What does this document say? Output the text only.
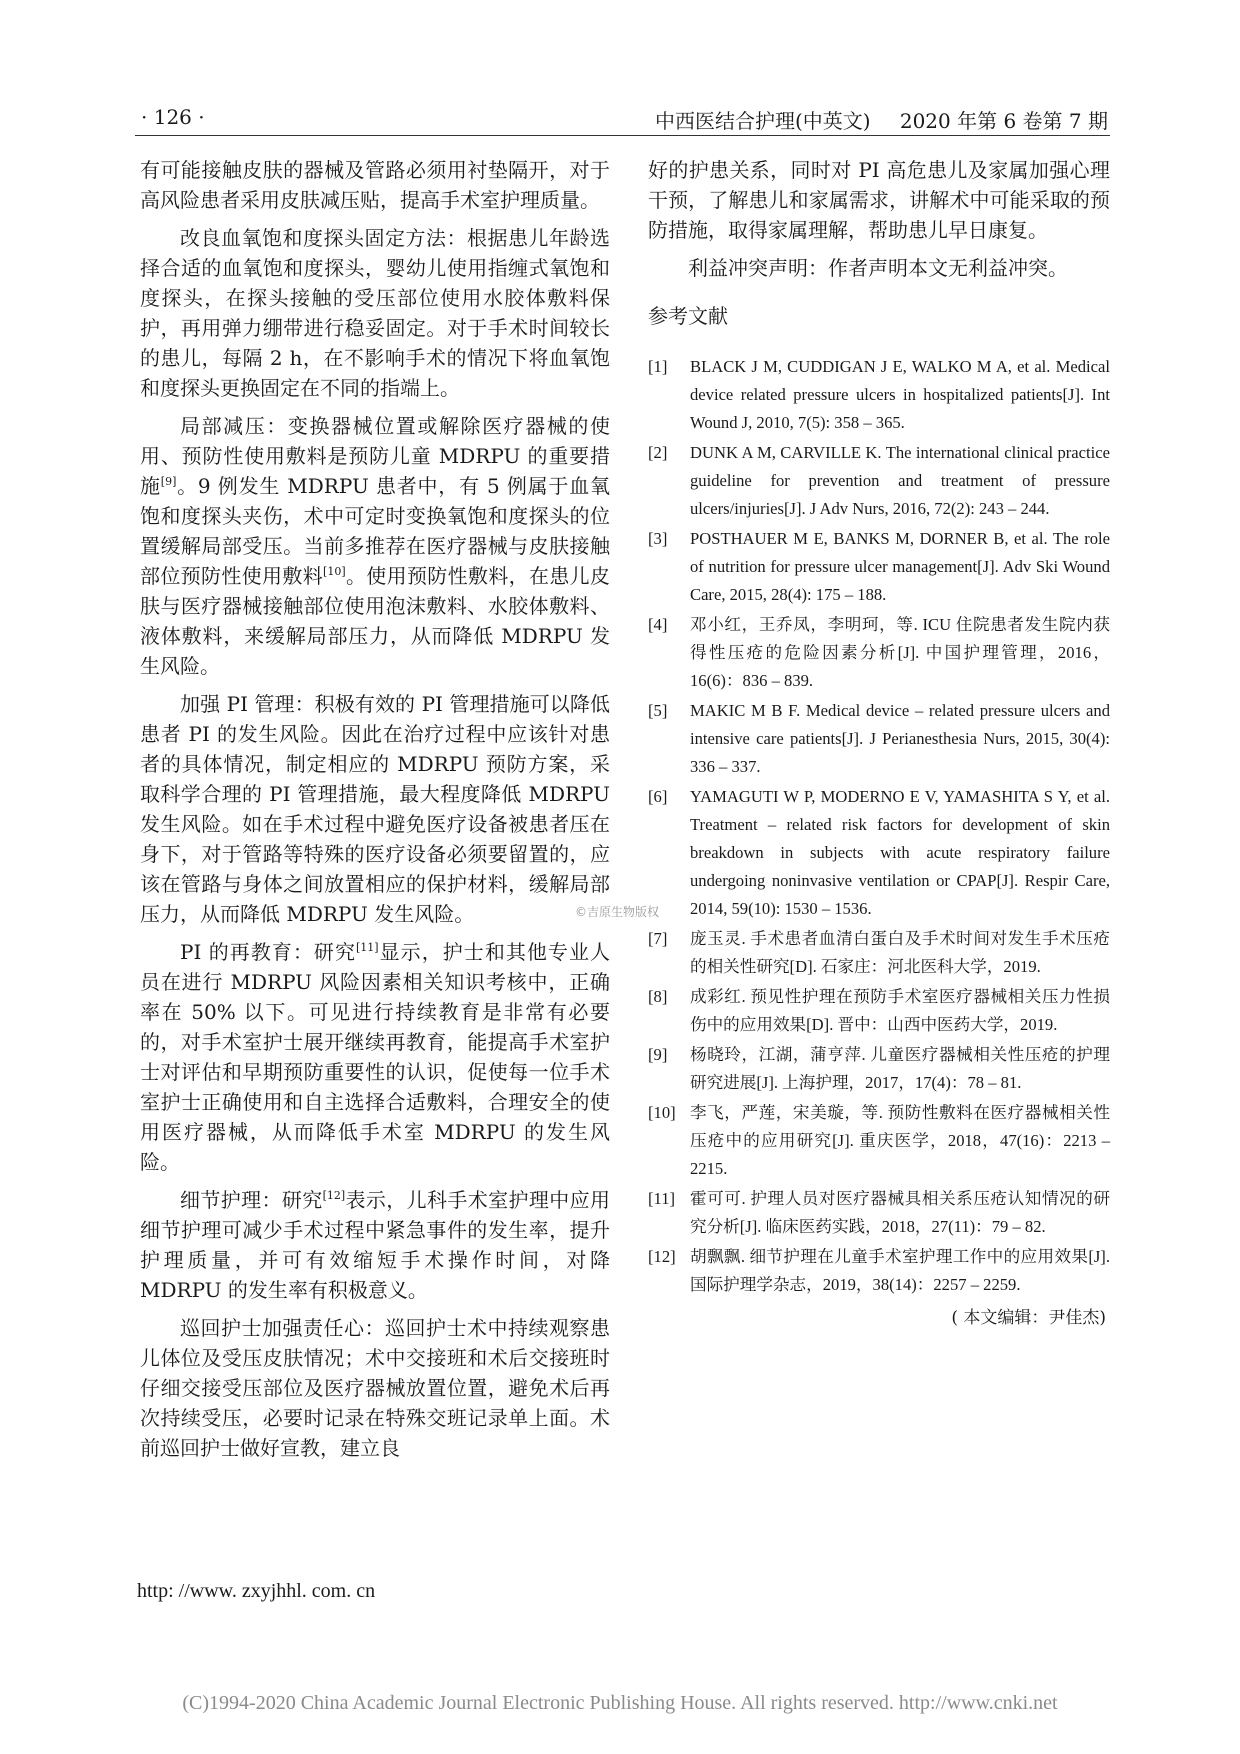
· 126 ·	中西医结合护理(中英文) 2020 年第 6 卷第 7 期

有可能接触皮肤的器械及管路必须用衬垫隔开，对于高风险患者采用皮肤减压贴，提高手术室护理质量。

改良血氧饱和度探头固定方法：根据患儿年龄选择合适的血氧饱和度探头，婴幼儿使用指缠式氧饱和度探头，在探头接触的受压部位使用水胶体敷料保护，再用弹力绷带进行稳妥固定。对于手术时间较长的患儿，每隔 2 h，在不影响手术的情况下将血氧饱和度探头更换固定在不同的指端上。

局部减压：变换器械位置或解除医疗器械的使用、预防性使用敷料是预防儿童 MDRPU 的重要措施[9]。9 例发生 MDRPU 患者中，有 5 例属于血氧饱和度探头夹伤，术中可定时变换氧饱和度探头的位置缓解局部受压。当前多推荐在医疗器械与皮肤接触部位预防性使用敷料[10]。使用预防性敷料，在患儿皮肤与医疗器械接触部位使用泡沫敷料、水胶体敷料、液体敷料，来缓解局部压力，从而降低 MDRPU 发生风险。

加强 PI 管理：积极有效的 PI 管理措施可以降低患者 PI 的发生风险。因此在治疗过程中应该针对患者的具体情况，制定相应的 MDRPU 预防方案，采取科学合理的 PI 管理措施，最大程度降低 MDRPU 发生风险。如在手术过程中避免医疗设备被患者压在身下，对于管路等特殊的医疗设备必须要留置的，应该在管路与身体之间放置相应的保护材料，缓解局部压力，从而降低 MDRPU 发生风险。

PI 的再教育：研究[11]显示，护士和其他专业人员在进行 MDRPU 风险因素相关知识考核中，正确率在 50% 以下。可见进行持续教育是非常有必要的，对手术室护士展开继续再教育，能提高手术室护士对评估和早期预防重要性的认识，促使每一位手术室护士正确使用和自主选择合适敷料，合理安全的使用医疗器械，从而降低手术室 MDRPU 的发生风险。

细节护理：研究[12]表示，儿科手术室护理中应用细节护理可减少手术过程中紧急事件的发生率，提升护理质量，并可有效缩短手术操作时间，对降 MDRPU 的发生率有积极意义。

巡回护士加强责任心：巡回护士术中持续观察患儿体位及受压皮肤情况；术中交接班和术后交接班时仔细交接受压部位及医疗器械放置位置，避免术后再次持续受压，必要时记录在特殊交班记录单上面。术前巡回护士做好宣教，建立良

好的护患关系，同时对 PI 高危患儿及家属加强心理干预，了解患儿和家属需求，讲解术中可能采取的预防措施，取得家属理解，帮助患儿早日康复。

利益冲突声明：作者声明本文无利益冲突。

参考文献
[1]	BLACK J M, CUDDIGAN J E, WALKO M A, et al. Medical device related pressure ulcers in hospitalized patients[J]. Int Wound J, 2010, 7(5): 358 – 365.
[2]	DUNK A M, CARVILLE K. The international clinical practice guideline for prevention and treatment of pressure ulcers/injuries[J]. J Adv Nurs, 2016, 72(2): 243 – 244.
[3]	POSTHAUER M E, BANKS M, DORNER B, et al. The role of nutrition for pressure ulcer management[J]. Adv Ski Wound Care, 2015, 28(4): 175 – 188.
[4]	邓小红，王乔凤，李明珂，等. ICU 住院患者发生院内获得性压疮的危险因素分析[J]. 中国护理管理，2016，16(6)：836 – 839.
[5]	MAKIC M B F. Medical device – related pressure ulcers and intensive care patients[J]. J Perianesthesia Nurs, 2015, 30(4): 336 – 337.
[6]	YAMAGUTI W P, MODERNO E V, YAMASHITA S Y, et al. Treatment – related risk factors for development of skin breakdown in subjects with acute respiratory failure undergoing noninvasive ventilation or CPAP[J]. Respir Care, 2014, 59(10): 1530 – 1536.
[7]	庞玉灵. 手术患者血清白蛋白及手术时间对发生手术压疮的相关性研究[D]. 石家庄：河北医科大学，2019.
[8]	成彩红. 预见性护理在预防手术室医疗器械相关压力性损伤中的应用效果[D]. 晋中：山西中医药大学，2019.
[9]	杨晓玲，江湖，蒲亨萍. 儿童医疗器械相关性压疮的护理研究进展[J]. 上海护理，2017，17(4)：78 – 81.
[10] 李飞，严莲，宋美璇，等. 预防性敷料在医疗器械相关性压疮中的应用研究[J]. 重庆医学，2018，47(16)：2213 – 2215.
[11] 霍可可. 护理人员对医疗器械具相关系压疮认知情况的研究分析[J]. 临床医药实践，2018，27(11)：79 – 82.
[12] 胡飘飘. 细节护理在儿童手术室护理工作中的应用效果[J]. 国际护理学杂志，2019，38(14)：2257 – 2259.
( 本文编辑：尹佳杰)
©吉原生物版权
http: //www. zxyjhhl. com. cn
(C)1994-2020 China Academic Journal Electronic Publishing House. All rights reserved. http://www.cnki.net
